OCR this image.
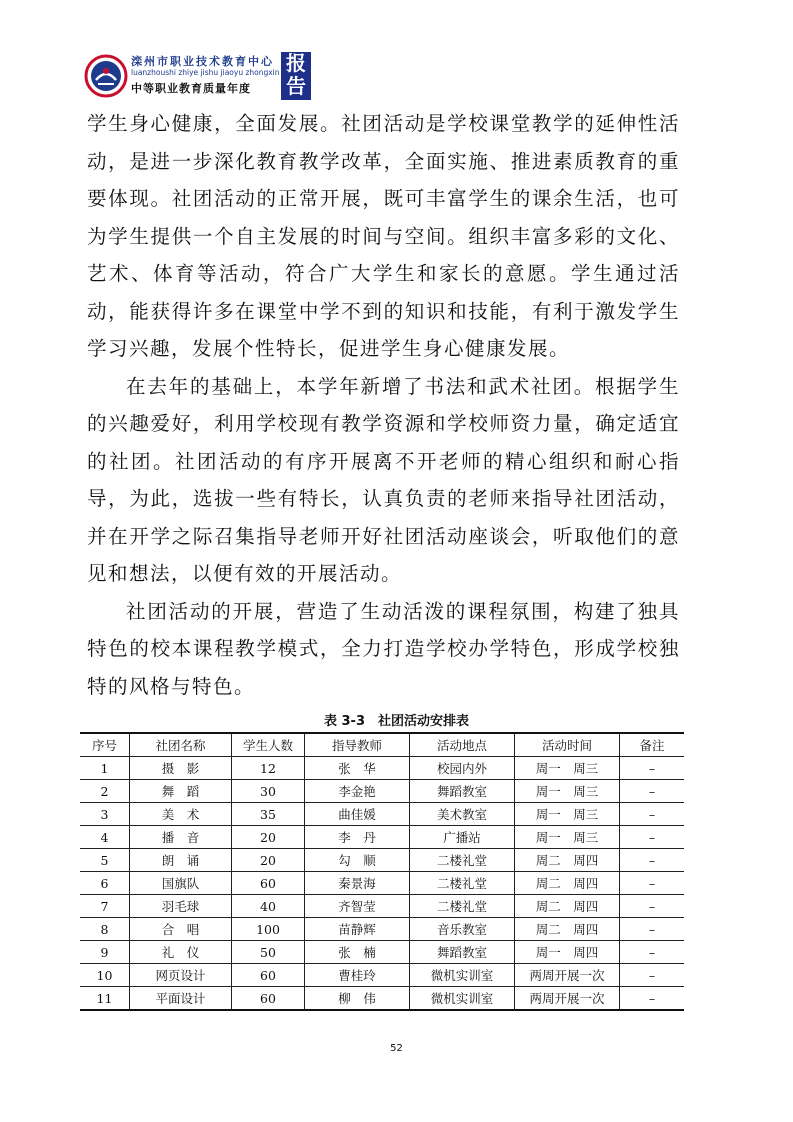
滦州市职业技术教育中心
luanzhoushi zhiye jishu jiaoyu zhongxin
中等职业教育质量年度
报
告

学生身心健康，全面发展。社团活动是学校课堂教学的延伸性活动，是进一步深化教育教学改革，全面实施、推进素质教育的重要体现。社团活动的正常开展，既可丰富学生的课余生活，也可为学生提供一个自主发展的时间与空间。组织丰富多彩的文化、艺术、体育等活动，符合广大学生和家长的意愿。学生通过活动，能获得许多在课堂中学不到的知识和技能，有利于激发学生学习兴趣，发展个性特长，促进学生身心健康发展。

在去年的基础上，本学年新增了书法和武术社团。根据学生的兴趣爱好，利用学校现有教学资源和学校师资力量，确定适宜的社团。社团活动的有序开展离不开老师的精心组织和耐心指导，为此，选拔一些有特长，认真负责的老师来指导社团活动，并在开学之际召集指导老师开好社团活动座谈会，听取他们的意见和想法，以便有效的开展活动。

社团活动的开展，营造了生动活泼的课程氛围，构建了独具特色的校本课程教学模式，全力打造学校办学特色，形成学校独特的风格与特色。

表 3-3　社团活动安排表
序号	社团名称	学生人数	指导教师	活动地点	活动时间	备注
1	摄　影	12	张　华	校园内外	周一　周三	–
2	舞　蹈	30	李金艳	舞蹈教室	周一　周三	–
3	美　术	35	曲佳媛	美术教室	周一　周三	–
4	播　音	20	李　丹	广播站	周一　周三	–
5	朗　诵	20	勾　顺	二楼礼堂	周二　周四	–
6	国旗队	60	秦景海	二楼礼堂	周二　周四	–
7	羽毛球	40	齐智莹	二楼礼堂	周二　周四	–
8	合　唱	100	苗静辉	音乐教室	周二　周四	–
9	礼　仪	50	张　楠	舞蹈教室	周一　周四	–
10	网页设计	60	曹桂玲	微机实训室	两周开展一次	–
11	平面设计	60	柳　伟	微机实训室	两周开展一次	–
52
